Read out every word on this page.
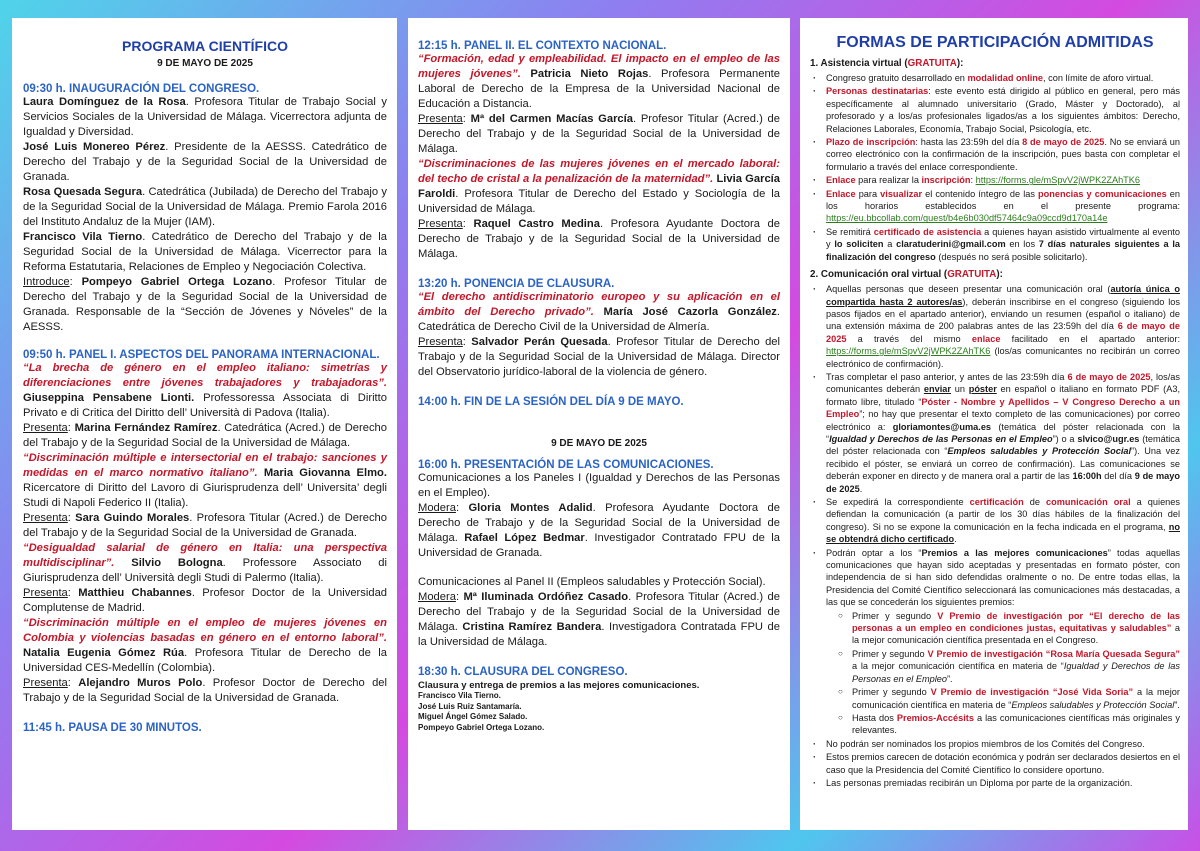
PROGRAMA CIENTÍFICO
9 DE MAYO DE 2025
09:30 h. INAUGURACIÓN DEL CONGRESO.

Laura Domínguez de la Rosa. Profesora Titular de Trabajo Social y Servicios Sociales de la Universidad de Málaga. Vicerrectora adjunta de Igualdad y Diversidad.

José Luis Monereo Pérez. Presidente de la AESSS. Catedrático de Derecho del Trabajo y de la Seguridad Social de la Universidad de Granada.

Rosa Quesada Segura. Catedrática (Jubilada) de Derecho del Trabajo y de la Seguridad Social de la Universidad de Málaga. Premio Farola 2016 del Instituto Andaluz de la Mujer (IAM).

Francisco Vila Tierno. Catedrático de Derecho del Trabajo y de la Seguridad Social de la Universidad de Málaga. Vicerrector para la Reforma Estatutaria, Relaciones de Empleo y Negociación Colectiva.

Introduce: Pompeyo Gabriel Ortega Lozano. Profesor Titular de Derecho del Trabajo y de la Seguridad Social de la Universidad de Granada. Responsable de la “Sección de Jóvenes y Nóveles” de la AESSS.

09:50 h. PANEL I. ASPECTOS DEL PANORAMA INTERNACIONAL.

“La brecha de género en el empleo italiano: simetrías y diferenciaciones entre jóvenes trabajadores y trabajadoras”. Giuseppina Pensabene Lionti. Professoressa Associata di Diritto Privato e di Critica del Diritto dell’ Università di Padova (Italia).

Presenta: Marina Fernández Ramírez. Catedrática (Acred.) de Derecho del Trabajo y de la Seguridad Social de la Universidad de Málaga.

“Discriminación múltiple e intersectorial en el trabajo: sanciones y medidas en el marco normativo italiano”. Maria Giovanna Elmo. Ricercatore di Diritto del Lavoro di Giurisprudenza dell’ Universita’ degli Studi di Napoli Federico II (Italia).

Presenta: Sara Guindo Morales. Profesora Titular (Acred.) de Derecho del Trabajo y de la Seguridad Social de la Universidad de Granada.

“Desigualdad salarial de género en Italia: una perspectiva multidisciplinar”. Silvio Bologna. Professore Associato di Giurisprudenza dell’ Università degli Studi di Palermo (Italia).

Presenta: Matthieu Chabannes. Profesor Doctor de la Universidad Complutense de Madrid.

“Discriminación múltiple en el empleo de mujeres jóvenes en Colombia y violencias basadas en género en el entorno laboral”. Natalia Eugenia Gómez Rúa. Profesora Titular de Derecho de la Universidad CES-Medellín (Colombia).

Presenta: Alejandro Muros Polo. Profesor Doctor de Derecho del Trabajo y de la Seguridad Social de la Universidad de Granada.

11:45 h. PAUSA DE 30 MINUTOS.
12:15 h. PANEL II. EL CONTEXTO NACIONAL.

“Formación, edad y empleabilidad. El impacto en el empleo de las mujeres jóvenes”. Patricia Nieto Rojas. Profesora Permanente Laboral de Derecho de la Empresa de la Universidad Nacional de Educación a Distancia.

Presenta: Mª del Carmen Macías García. Profesor Titular (Acred.) de Derecho del Trabajo y de la Seguridad Social de la Universidad de Málaga.

“Discriminaciones de las mujeres jóvenes en el mercado laboral: del techo de cristal a la penalización de la maternidad”. Livia García Faroldi. Profesora Titular de Derecho del Estado y Sociología de la Universidad de Málaga.

Presenta: Raquel Castro Medina. Profesora Ayudante Doctora de Derecho de Trabajo y de la Seguridad Social de la Universidad de Málaga.

13:20 h. PONENCIA DE CLAUSURA.

“El derecho antidiscriminatorio europeo y su aplicación en el ámbito del Derecho privado”. María José Cazorla González. Catedrática de Derecho Civil de la Universidad de Almería.

Presenta: Salvador Perán Quesada. Profesor Titular de Derecho del Trabajo y de la Seguridad Social de la Universidad de Málaga. Director del Observatorio jurídico-laboral de la violencia de género.

14:00 h. FIN DE LA SESIÓN DEL DÍA 9 DE MAYO.
9 DE MAYO DE 2025
16:00 h. PRESENTACIÓN DE LAS COMUNICACIONES.

Comunicaciones a los Paneles I (Igualdad y Derechos de las Personas en el Empleo).

Modera: Gloria Montes Adalid. Profesora Ayudante Doctora de Derecho de Trabajo y de la Seguridad Social de la Universidad de Málaga. Rafael López Bedmar. Investigador Contratado FPU de la Universidad de Granada.

Comunicaciones al Panel II (Empleos saludables y Protección Social).

Modera: Mª Iluminada Ordóñez Casado. Profesora Titular (Acred.) de Derecho del Trabajo y de la Seguridad Social de la Universidad de Málaga. Cristina Ramírez Bandera. Investigadora Contratada FPU de la Universidad de Málaga.

18:30 h. CLAUSURA DEL CONGRESO.
Clausura y entrega de premios a las mejores comunicaciones.
Francisco Vila Tierno.
José Luis Ruiz Santamaría.
Miguel Ángel Gómez Salado.
Pompeyo Gabriel Ortega Lozano.
FORMAS DE PARTICIPACIÓN ADMITIDAS
1. Asistencia virtual (GRATUITA):
· Congreso gratuito desarrollado en modalidad online, con límite de aforo virtual.
· Personas destinatarias: este evento está dirigido al público en general, pero más específicamente al alumnado universitario (Grado, Máster y Doctorado), al profesorado y a los/as profesionales ligados/as a los siguientes ámbitos: Derecho, Relaciones Laborales, Economía, Trabajo Social, Psicología, etc.
· Plazo de inscripción: hasta las 23:59h del día 8 de mayo de 2025. No se enviará un correo electrónico con la confirmación de la inscripción, pues basta con completar el formulario a través del enlace correspondiente.
· Enlace para realizar la inscripción: https://forms.gle/mSpvV2jWPK2ZAhTK6
· Enlace para visualizar el contenido íntegro de las ponencias y comunicaciones en los horarios establecidos en el presente programa: https://eu.bbcollab.com/guest/b4e6b030df57464c9a09ccd9d170a14e
· Se remitirá certificado de asistencia a quienes hayan asistido virtualmente al evento y lo soliciten a claratuderini@gmail.com en los 7 días naturales siguientes a la finalización del congreso (después no será posible solicitarlo).
2. Comunicación oral virtual (GRATUITA):
· Aquellas personas que deseen presentar una comunicación oral (autoría única o compartida hasta 2 autores/as), deberán inscribirse en el congreso (siguiendo los pasos fijados en el apartado anterior), enviando un resumen (español o italiano) de una extensión máxima de 200 palabras antes de las 23:59h del día 6 de mayo de 2025 a través del mismo enlace facilitado en el apartado anterior: https://forms.gle/mSpvV2jWPK2ZAhTK6 (los/as comunicantes no recibirán un correo electrónico de confirmación).
· Tras completar el paso anterior, y antes de las 23:59h día 6 de mayo de 2025, los/as comunicantes deberán enviar un póster en español o italiano en formato PDF (A3, formato libre, titulado “Póster - Nombre y Apellidos – V Congreso Derecho a un Empleo”; no hay que presentar el texto completo de las comunicaciones) por correo electrónico a: gloriamontes@uma.es (temática del póster relacionada con la “Igualdad y Derechos de las Personas en el Empleo”) o a slvico@ugr.es (temática del póster relacionada con “Empleos saludables y Protección Social”). Una vez recibido el póster, se enviará un correo de confirmación). Las comunicaciones se deberán exponer en directo y de manera oral a partir de las 16:00h del día 9 de mayo de 2025.
· Se expedirá la correspondiente certificación de comunicación oral a quienes defiendan la comunicación (a partir de los 30 días hábiles de la finalización del congreso). Si no se expone la comunicación en la fecha indicada en el programa, no se obtendrá dicho certificado.
· Podrán optar a los “Premios a las mejores comunicaciones” todas aquellas comunicaciones que hayan sido aceptadas y presentadas en formato póster, con independencia de si han sido defendidas oralmente o no. De entre todas ellas, la Presidencia del Comité Científico seleccionará las comunicaciones más destacadas, a las que se concederán los siguientes premios:
○ Primer y segundo V Premio de investigación por “El derecho de las personas a un empleo en condiciones justas, equitativas y saludables” a la mejor comunicación científica presentada en el Congreso.
○ Primer y segundo V Premio de investigación “Rosa María Quesada Segura” a la mejor comunicación científica en materia de “Igualdad y Derechos de las Personas en el Empleo”.
○ Primer y segundo V Premio de investigación “José Vida Soria” a la mejor comunicación científica en materia de “Empleos saludables y Protección Social”.
○ Hasta dos Premios-Accésits a las comunicaciones científicas más originales y relevantes.
· No podrán ser nominados los propios miembros de los Comités del Congreso.
· Estos premios carecen de dotación económica y podrán ser declarados desiertos en el caso que la Presidencia del Comité Científico lo considere oportuno.
· Las personas premiadas recibirán un Diploma por parte de la organización.
